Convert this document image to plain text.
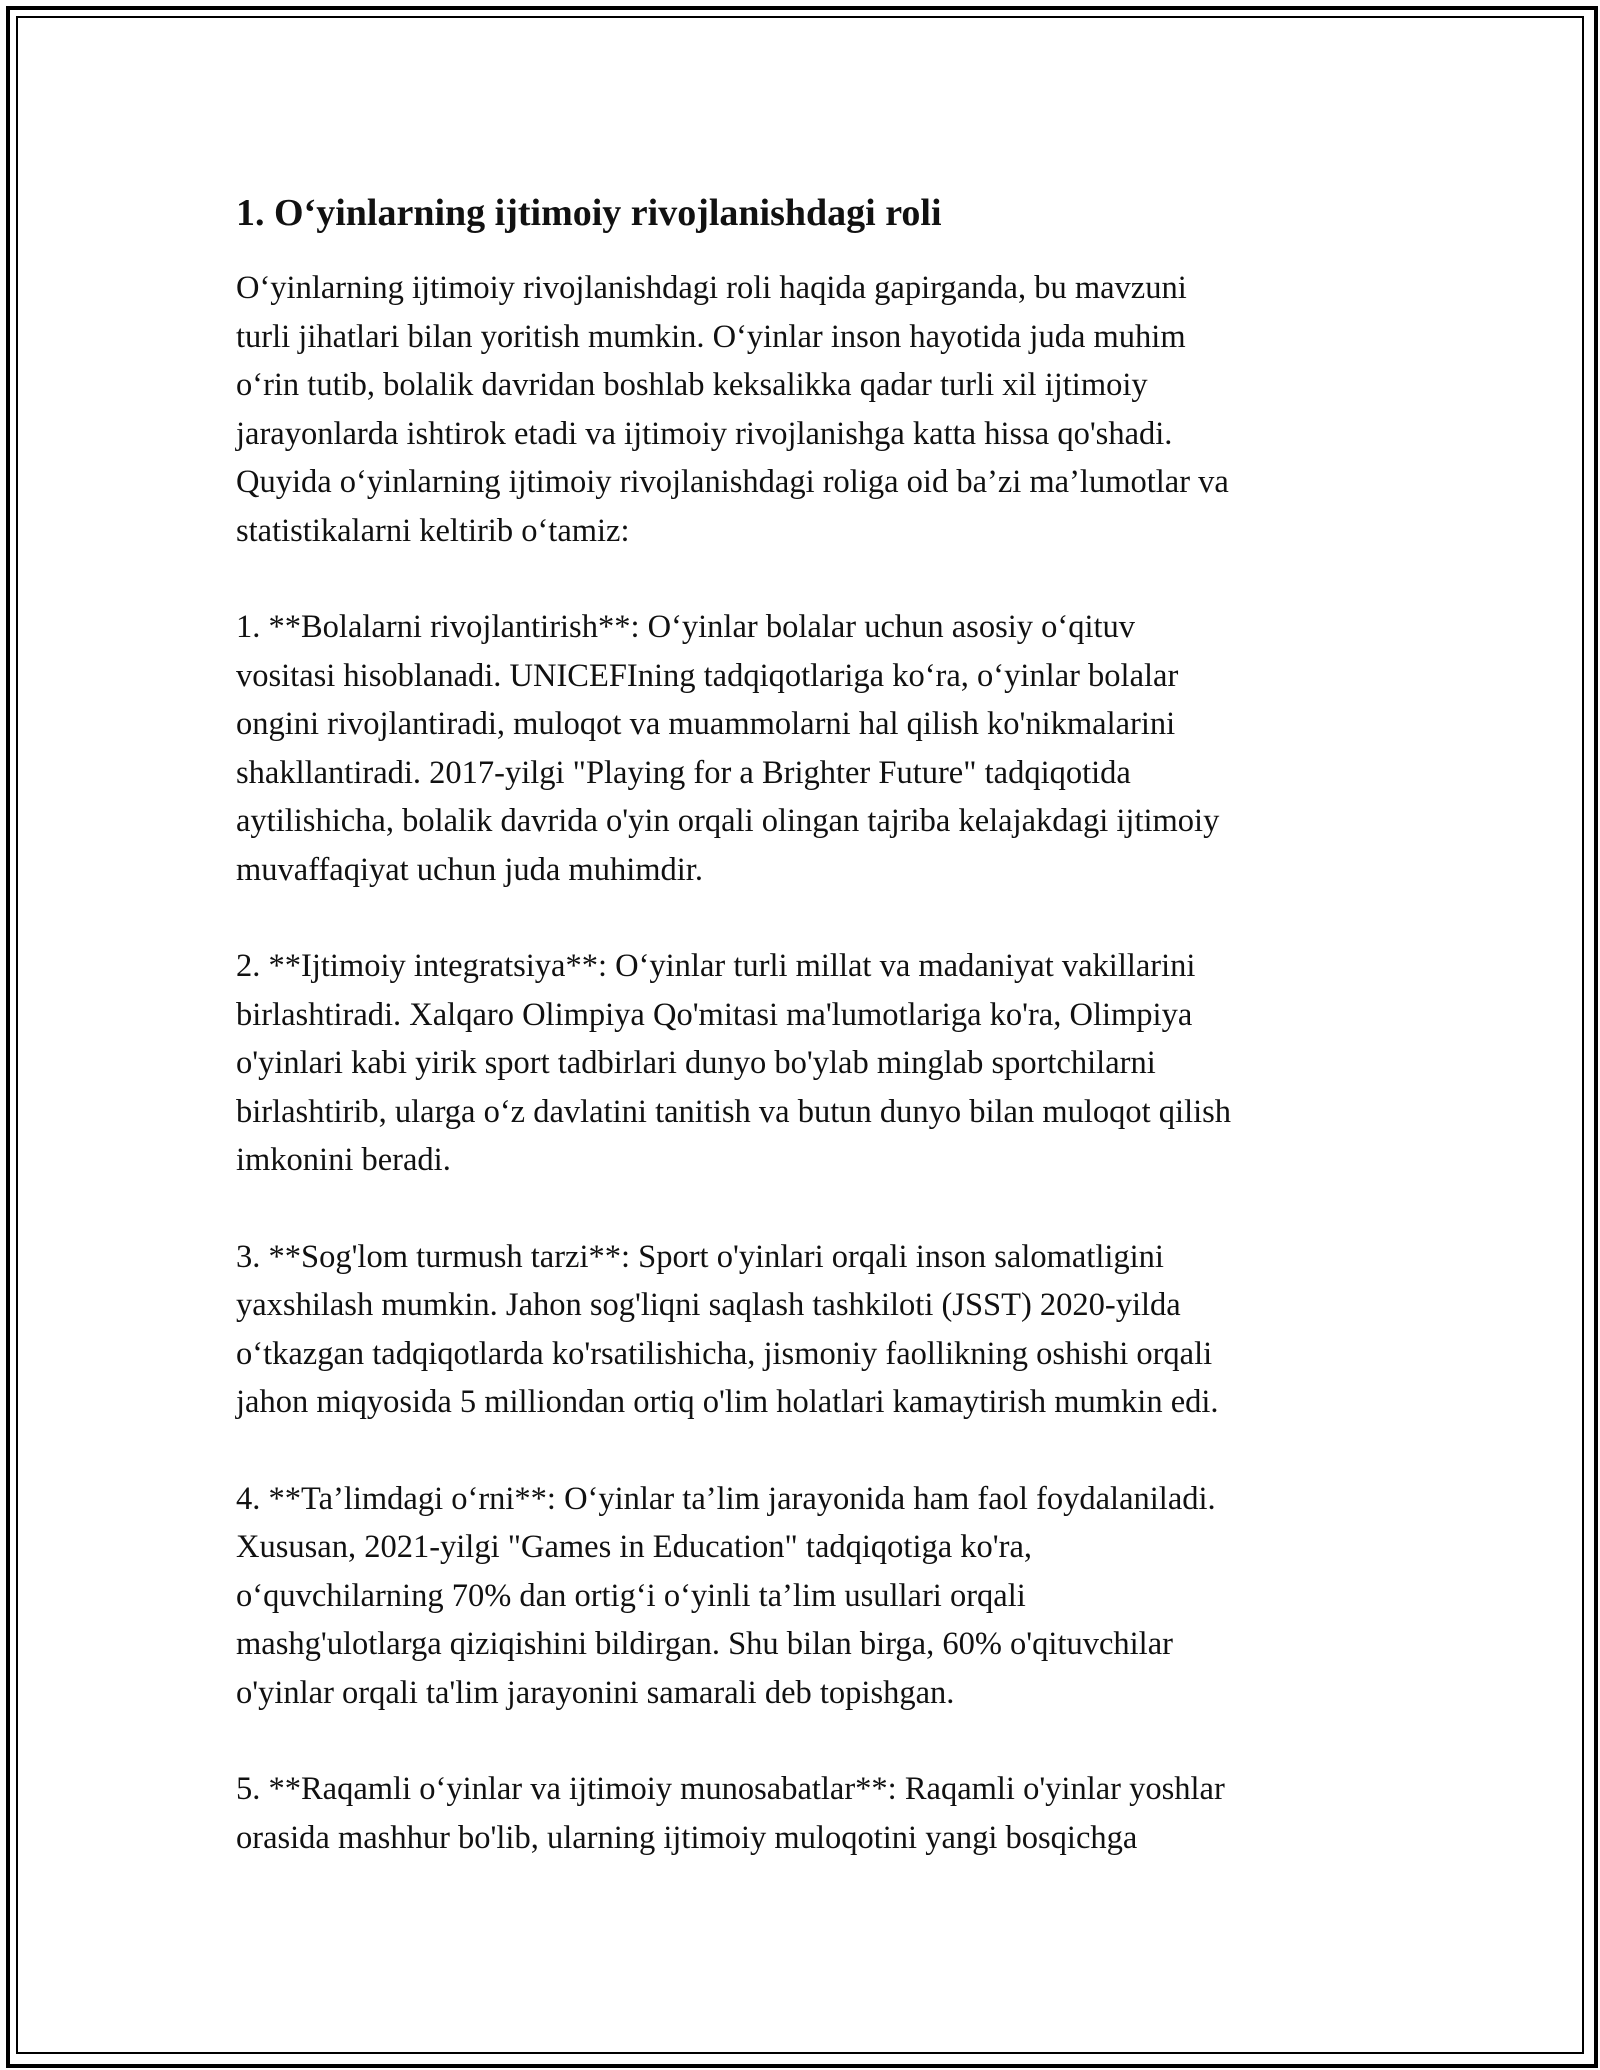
1. O‘yinlarning ijtimoiy rivojlanishdagi roli

O‘yinlarning ijtimoiy rivojlanishdagi roli haqida gapirganda, bu mavzuni
turli jihatlari bilan yoritish mumkin. O‘yinlar inson hayotida juda muhim
o‘rin tutib, bolalik davridan boshlab keksalikka qadar turli xil ijtimoiy
jarayonlarda ishtirok etadi va ijtimoiy rivojlanishga katta hissa qo'shadi.
Quyida o‘yinlarning ijtimoiy rivojlanishdagi roliga oid ba’zi ma’lumotlar va
statistikalarni keltirib o‘tamiz:

1. **Bolalarni rivojlantirish**: O‘yinlar bolalar uchun asosiy o‘qituv
vositasi hisoblanadi. UNICEFIning tadqiqotlariga ko‘ra, o‘yinlar bolalar
ongini rivojlantiradi, muloqot va muammolarni hal qilish ko'nikmalarini
shakllantiradi. 2017-yilgi "Playing for a Brighter Future" tadqiqotida
aytilishicha, bolalik davrida o'yin orqali olingan tajriba kelajakdagi ijtimoiy
muvaffaqiyat uchun juda muhimdir.

2. **Ijtimoiy integratsiya**: O‘yinlar turli millat va madaniyat vakillarini
birlashtiradi. Xalqaro Olimpiya Qo'mitasi ma'lumotlariga ko'ra, Olimpiya
o'yinlari kabi yirik sport tadbirlari dunyo bo'ylab minglab sportchilarni
birlashtirib, ularga o‘z davlatini tanitish va butun dunyo bilan muloqot qilish
imkonini beradi.

3. **Sog'lom turmush tarzi**: Sport o'yinlari orqali inson salomatligini
yaxshilash mumkin. Jahon sog'liqni saqlash tashkiloti (JSST) 2020-yilda
o‘tkazgan tadqiqotlarda ko'rsatilishicha, jismoniy faollikning oshishi orqali
jahon miqyosida 5 milliondan ortiq o'lim holatlari kamaytirish mumkin edi.

4. **Ta’limdagi o‘rni**: O‘yinlar ta’lim jarayonida ham faol foydalaniladi.
Xususan, 2021-yilgi "Games in Education" tadqiqotiga ko'ra,
o‘quvchilarning 70% dan ortig‘i o‘yinli ta’lim usullari orqali
mashg'ulotlarga qiziqishini bildirgan. Shu bilan birga, 60% o'qituvchilar
o'yinlar orqali ta'lim jarayonini samarali deb topishgan.

5. **Raqamli o‘yinlar va ijtimoiy munosabatlar**: Raqamli o'yinlar yoshlar
orasida mashhur bo'lib, ularning ijtimoiy muloqotini yangi bosqichga
